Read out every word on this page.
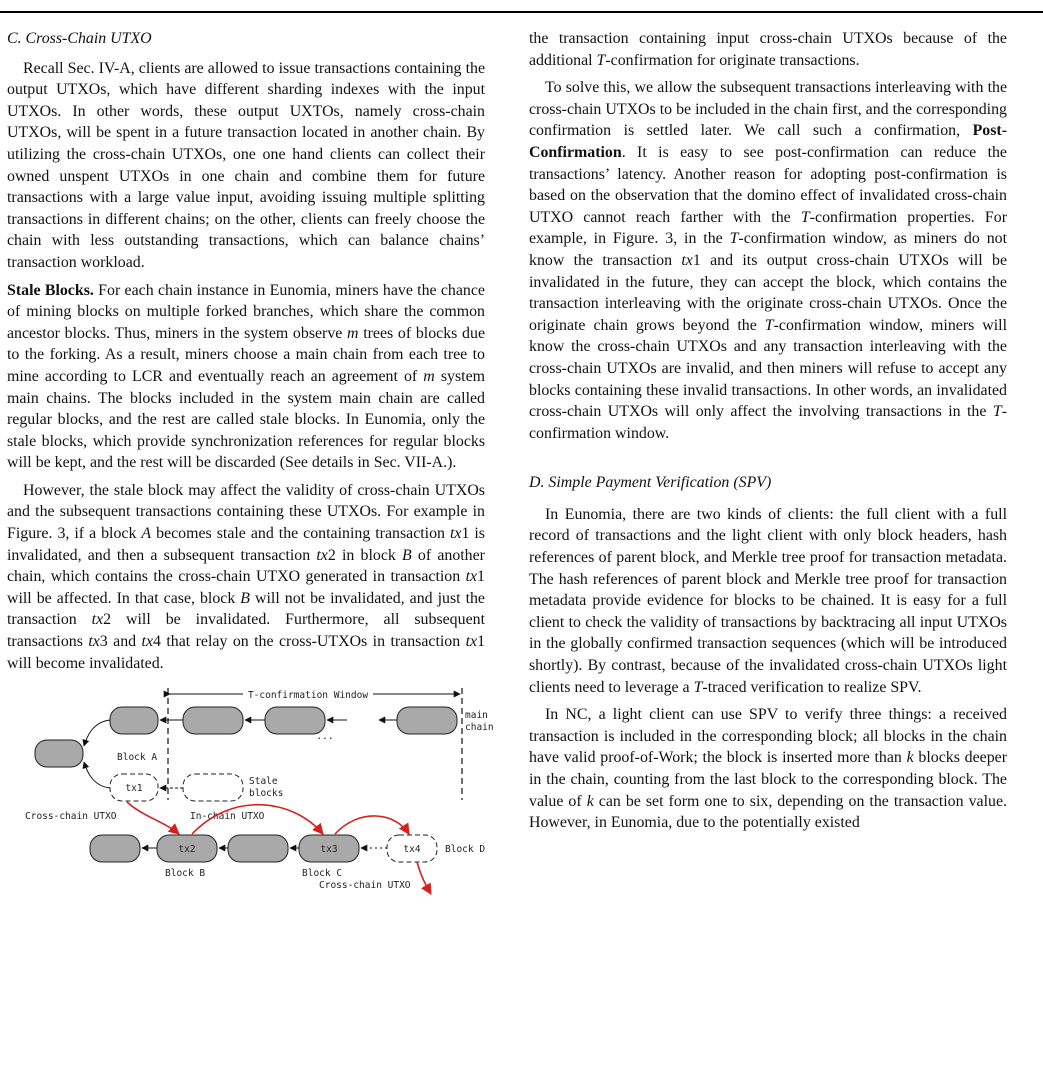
C. Cross-Chain UTXO

Recall Sec. IV-A, clients are allowed to issue transactions containing the output UTXOs, which have different sharding indexes with the input UTXOs. In other words, these output UXTOs, namely cross-chain UTXOs, will be spent in a future transaction located in another chain. By utilizing the cross-chain UTXOs, one one hand clients can collect their owned unspent UTXOs in one chain and combine them for future transactions with a large value input, avoiding issuing multiple splitting transactions in different chains; on the other, clients can freely choose the chain with less outstanding transactions, which can balance chains’ transaction workload.

Stale Blocks. For each chain instance in Eunomia, miners have the chance of mining blocks on multiple forked branches, which share the common ancestor blocks. Thus, miners in the system observe m trees of blocks due to the forking. As a result, miners choose a main chain from each tree to mine according to LCR and eventually reach an agreement of m system main chains. The blocks included in the system main chain are called regular blocks, and the rest are called stale blocks. In Eunomia, only the stale blocks, which provide synchronization references for regular blocks will be kept, and the rest will be discarded (See details in Sec. VII-A.).

However, the stale block may affect the validity of cross-chain UTXOs and the subsequent transactions containing these UTXOs. For example in Figure. 3, if a block A becomes stale and the containing transaction tx1 is invalidated, and then a subsequent transaction tx2 in block B of another chain, which contains the cross-chain UTXO generated in transaction tx1 will be affected. In that case, block B will not be invalidated, and just the transaction tx2 will be invalidated. Furthermore, all subsequent transactions tx3 and tx4 that relay on the cross-UTXOs in transaction tx1 will become invalidated.

T-confirmation Window
...
main
chain
Block A
tx1
Stale
blocks
Cross-chain UTXO	In-chain UTXO
tx2	tx3	tx4
Block B	Block C
Block D
Cross-chain UTXO

the transaction containing input cross-chain UTXOs because of the additional T-confirmation for originate transactions.

To solve this, we allow the subsequent transactions interleaving with the cross-chain UTXOs to be included in the chain first, and the corresponding confirmation is settled later. We call such a confirmation, Post-Confirmation. It is easy to see post-confirmation can reduce the transactions’ latency. Another reason for adopting post-confirmation is based on the observation that the domino effect of invalidated cross-chain UTXO cannot reach farther with the T-confirmation properties. For example, in Figure. 3, in the T-confirmation window, as miners do not know the transaction tx1 and its output cross-chain UTXOs will be invalidated in the future, they can accept the block, which contains the transaction interleaving with the originate cross-chain UTXOs. Once the originate chain grows beyond the T-confirmation window, miners will know the cross-chain UTXOs and any transaction interleaving with the cross-chain UTXOs are invalid, and then miners will refuse to accept any blocks containing these invalid transactions. In other words, an invalidated cross-chain UTXOs will only affect the involving transactions in the T-confirmation window.

D. Simple Payment Verification (SPV)

In Eunomia, there are two kinds of clients: the full client with a full record of transactions and the light client with only block headers, hash references of parent block, and Merkle tree proof for transaction metadata. The hash references of parent block and Merkle tree proof for transaction metadata provide evidence for blocks to be chained. It is easy for a full client to check the validity of transactions by backtracing all input UTXOs in the globally confirmed transaction sequences (which will be introduced shortly). By contrast, because of the invalidated cross-chain UTXOs light clients need to leverage a T-traced verification to realize SPV.

In NC, a light client can use SPV to verify three things: a received transaction is included in the corresponding block; all blocks in the chain have valid proof-of-Work; the block is inserted more than k blocks deeper in the chain, counting from the last block to the corresponding block. The value of k can be set form one to six, depending on the transaction value. However, in Eunomia, due to the potentially existed
